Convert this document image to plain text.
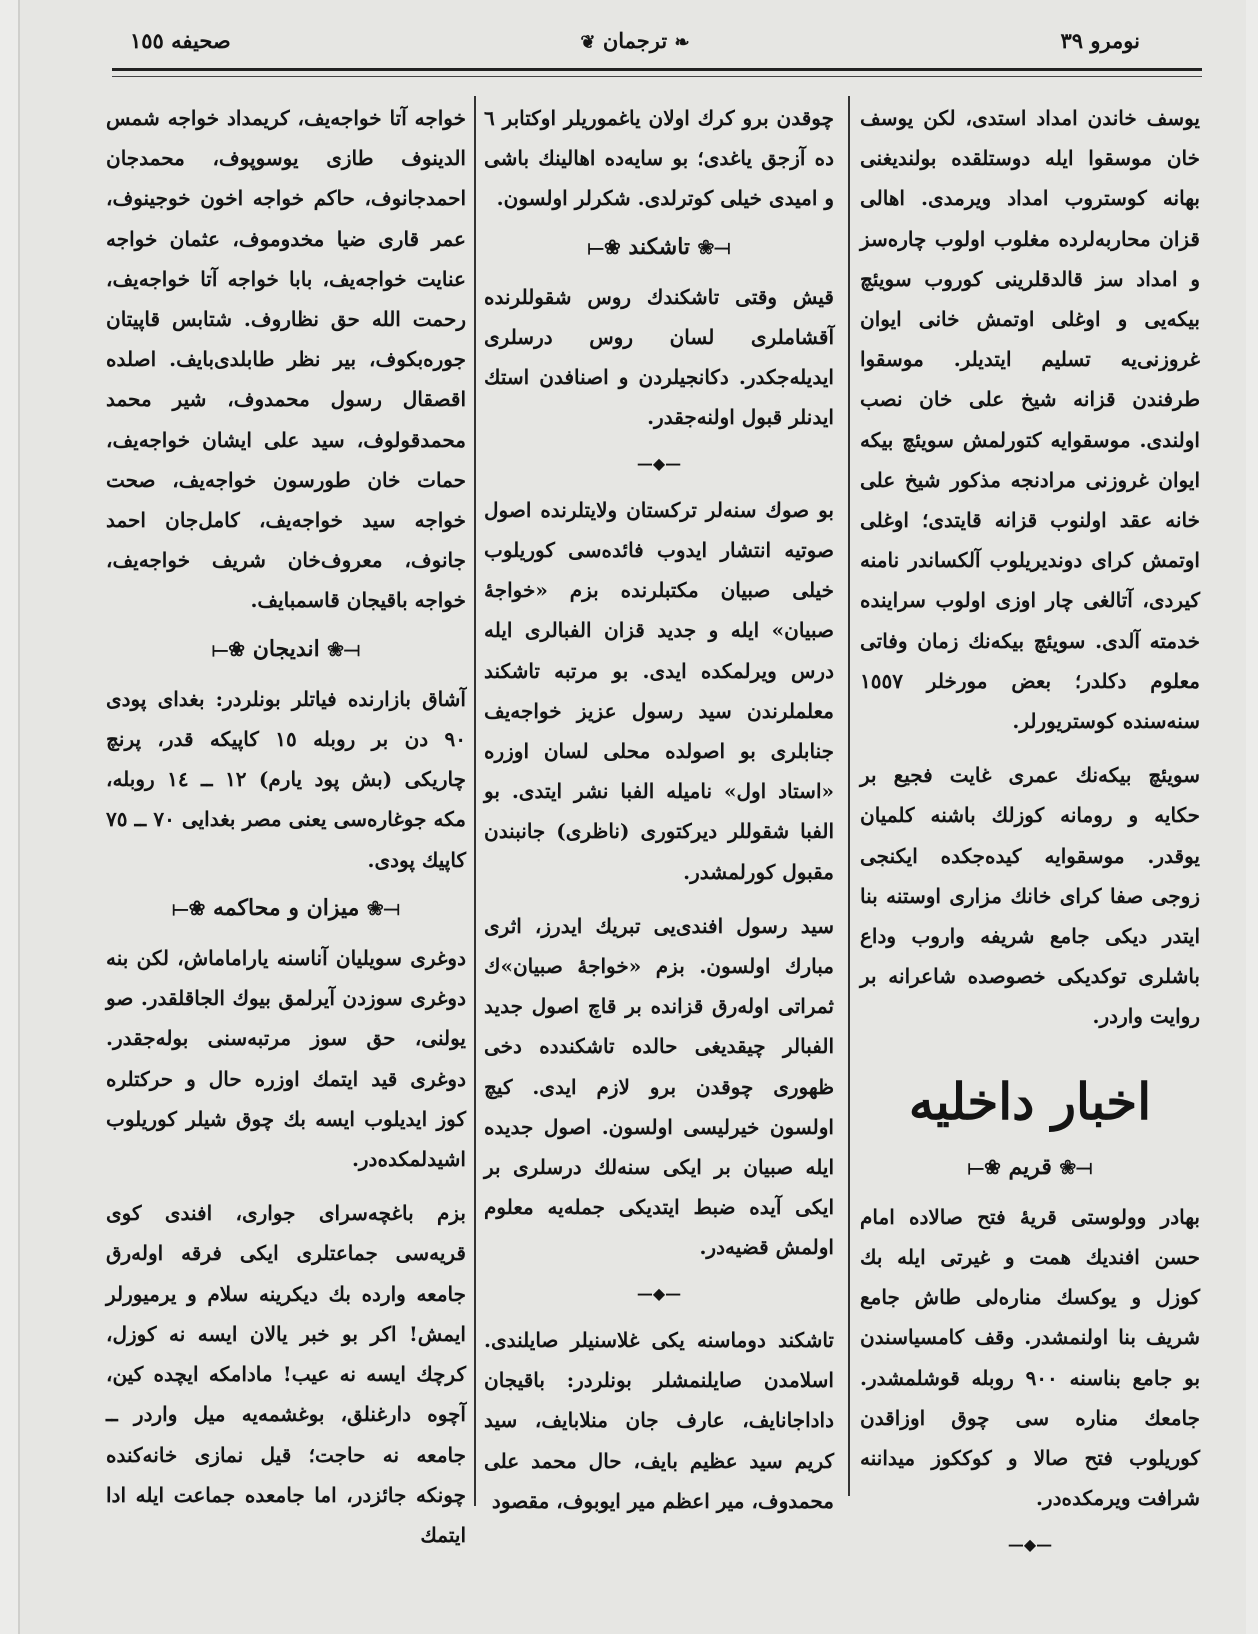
نومرو ٣٩
❧ ترجمان ❦
صحيفه ١٥٥

يوسف خاندن امداد استدى، لكن يوسف خان موسقوا ايله دوستلقده بولنديغنى بهانه كوستروب امداد ويرمدى. اهالى قزان محاربه‌لرده مغلوب اولوب چاره‌سز و امداد سز قالدقلرينى كوروب سويئچ بيكه‌يى و اوغلى اوتمش خانى ايوان غروزنى‌يه تسليم ايتديلر. موسقوا طرفندن قزانه شيخ على خان نصب اولندى. موسقوايه كتورلمش سويئچ بيكه ايوان غروزنى مرادنجه مذكور شيخ على خانه عقد اولنوب قزانه قايتدى؛ اوغلى اوتمش كراى دونديريلوب آلكساندر نامنه كيردى، آتالغى چار اوزى اولوب سراينده خدمته آلدى. سويئچ بيكه‌نك زمان وفاتى معلوم دكلدر؛ بعض مورخلر ١٥٥٧ سنه‌سنده كوستريورلر.

سويئچ بيكه‌نك عمرى غايت فجيع بر حكايه و رومانه كوزلك باشنه كلميان يوقدر. موسقوايه كيده‌جكده ايكنجى زوجى صفا كراى خانك مزارى اوستنه بنا ايتدر ديكى جامع شريفه واروب وداع باشلرى توكديكى خصوصده شاعرانه بر روايت واردر.

اخبار داخليه
⟝❀ قريم ❀⟞

بهادر وولوستى قريه‌ٔ فتح صالاده امام حسن افنديك همت و غيرتى ايله بك كوزل و يوكسك مناره‌لى طاش جامع شريف بنا اولنمشدر. وقف كامسياسندن بو جامع بناسنه ٩٠٠ روبله قوشلمشدر. جامعك مناره سى چوق اوزاقدن كوريلوب فتح صالا و كوككوز ميداننه شرافت ويرمكده‌در.

—◆—

چوقدن برو كرك اولان ياغموريلر اوكتابر ٦ ده آزجق ياغدى؛ بو سايه‌ده اهالينك باشى و اميدى خيلى كوترلدى. شكرلر اولسون.

⟝❀ تاشكند ❀⟞

قيش وقتى تاشكندك روس شقوللرنده آقشاملرى لسان روس درسلرى ايديله‌جكدر. دكانجيلردن و اصنافدن استك ايدنلر قبول اولنه‌جقدر.

—◆—

بو صوك سنه‌لر تركستان ولايتلرنده اصول صوتيه انتشار ايدوب فائده‌سى كوريلوب خيلى صبيان مكتبلرنده بزم «خواجهٔ صبيان» ايله و جديد قزان الفبالرى ايله درس ويرلمكده ايدى. بو مرتبه تاشكند معلملرندن سيد رسول عزيز خواجه‌يف جنابلرى بو اصولده محلى لسان اوزره «استاد اول» ناميله الفبا نشر ايتدى. بو الفبا شقوللر ديركتورى (ناظرى) جانبندن مقبول كورلمشدر.

سيد رسول افندى‌يى تبريك ايدرز، اثرى مبارك اولسون. بزم «خواجهٔ صبيان»ك ثمراتى اوله‌رق قزانده بر قاچ اصول جديد الفبالر چيقديغى حالده تاشكندده دخى ظهورى چوقدن برو لازم ايدى. كيچ اولسون خيرليسى اولسون. اصول جديده ايله صبيان بر ايكى سنه‌لك درسلرى بر ايكى آيده ضبط ايتديكى جمله‌يه معلوم اولمش قضيه‌در.

—◆—

تاشكند دوماسنه يكى غلاسنيلر صايلندى. اسلامدن صايلنمشلر بونلردر: باقيجان داداجانايف، عارف جان منلابايف، سيد كريم سيد عظيم بايف، حال محمد على محمدوف، مير اعظم مير ايوبوف، مقصود

خواجه آتا خواجه‌يف، كريمداد خواجه شمس الدينوف طازى يوسوپوف، محمدجان احمدجانوف، حاكم خواجه اخون خوجينوف، عمر قارى ضيا مخدوموف، عثمان خواجه عنايت خواجه‌يف، بابا خواجه آتا خواجه‌يف، رحمت الله حق نظاروف. شتابس قاپيتان جوره‌بكوف، بير نظر طابلدى‌بايف. اصلده اقصقال رسول محمدوف، شير محمد محمدقولوف، سيد على ايشان خواجه‌يف، حمات خان طورسون خواجه‌يف، صحت خواجه سيد خواجه‌يف، كامل‌جان احمد جانوف، معروف‌خان شريف خواجه‌يف، خواجه باقيجان قاسمبايف.

⟝❀ انديجان ❀⟞

آشاق بازارنده فياتلر بونلردر: بغداى پودى ٩٠ دن بر روبله ١٥ كاپيكه قدر، پرنچ چاريكى (بش پود يارم) ١٢ ــ ١٤ روبله، مكه جوغاره‌سى يعنى مصر بغدايى ٧٠ ــ ٧٥ كاپيك پودى.

⟝❀ ميزان و محاكمه ❀⟞

دوغرى سويليان آناسنه ياراماماش، لكن بنه دوغرى سوزدن آيرلمق بيوك الجاقلقدر. صو يولنى، حق سوز مرتبه‌سنى بوله‌جقدر. دوغرى قيد ايتمك اوزره حال و حركتلره كوز ايديلوب ايسه بك چوق شيلر كوريلوب اشيدلمكده‌در.

بزم باغچه‌سراى جوارى، افندى كوى قريه‌سى جماعتلرى ايكى فرقه اوله‌رق جامعه وارده بك ديكرينه سلام و يرميورلر ايمش! اكر بو خبر يالان ايسه نه كوزل، كرچك ايسه نه عيب! مادامكه ايچده كين، آچوه دارغنلق، بوغشمه‌يه ميل واردر ــ جامعه نه حاجت؛ قيل نمازى خانه‌كنده چونكه جائزدر، اما جامعده جماعت ايله ادا ايتمك
